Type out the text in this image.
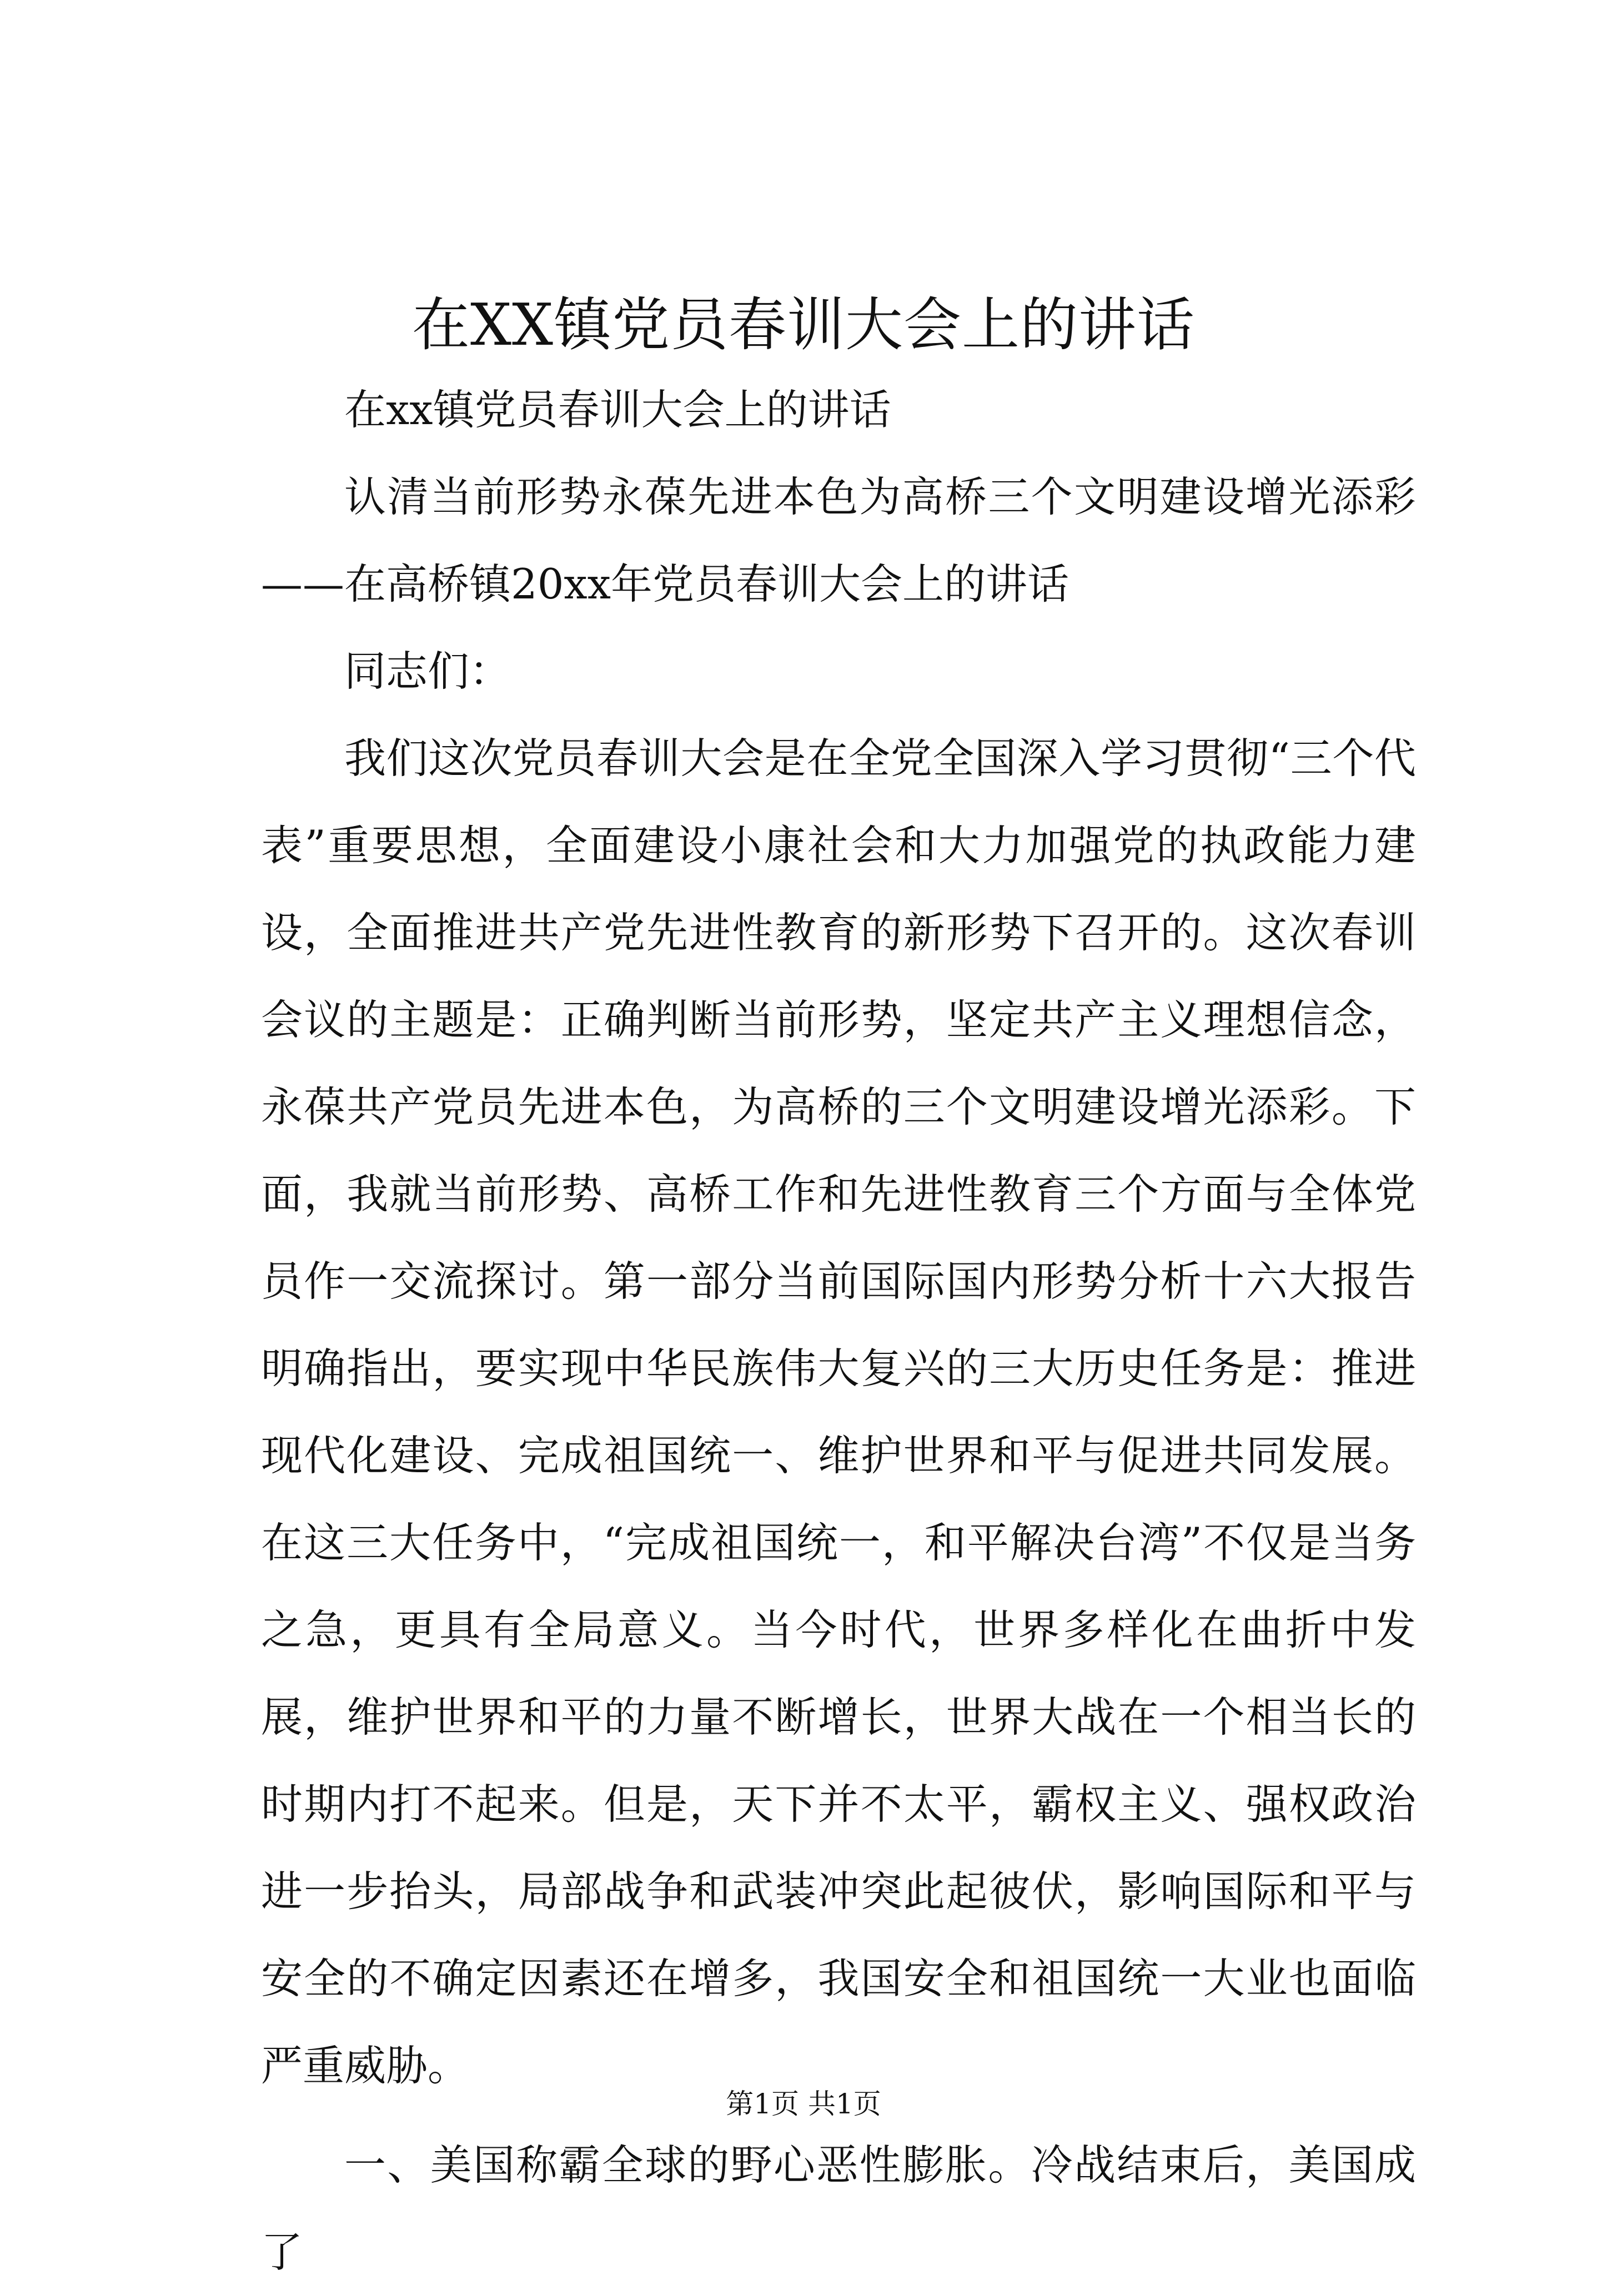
在XX镇党员春训大会上的讲话

在xx镇党员春训大会上的讲话

认清当前形势永葆先进本色为高桥三个文明建设增光添彩——在高桥镇20xx年党员春训大会上的讲话

同志们：

我们这次党员春训大会是在全党全国深入学习贯彻“三个代表”重要思想，全面建设小康社会和大力加强党的执政能力建设，全面推进共产党先进性教育的新形势下召开的。这次春训会议的主题是：正确判断当前形势，坚定共产主义理想信念，永葆共产党员先进本色，为高桥的三个文明建设增光添彩。下面，我就当前形势、高桥工作和先进性教育三个方面与全体党员作一交流探讨。第一部分当前国际国内形势分析十六大报告明确指出，要实现中华民族伟大复兴的三大历史任务是：推进现代化建设、完成祖国统一、维护世界和平与促进共同发展。在这三大任务中，“完成祖国统一，和平解决台湾”不仅是当务之急，更具有全局意义。当今时代，世界多样化在曲折中发展，维护世界和平的力量不断增长，世界大战在一个相当长的时期内打不起来。但是，天下并不太平，霸权主义、强权政治进一步抬头，局部战争和武装冲突此起彼伏，影响国际和平与安全的不确定因素还在增多，我国安全和祖国统一大业也面临严重威胁。

一、美国称霸全球的野心恶性膨胀。冷战结束后，美国成了

第1页 共1页
